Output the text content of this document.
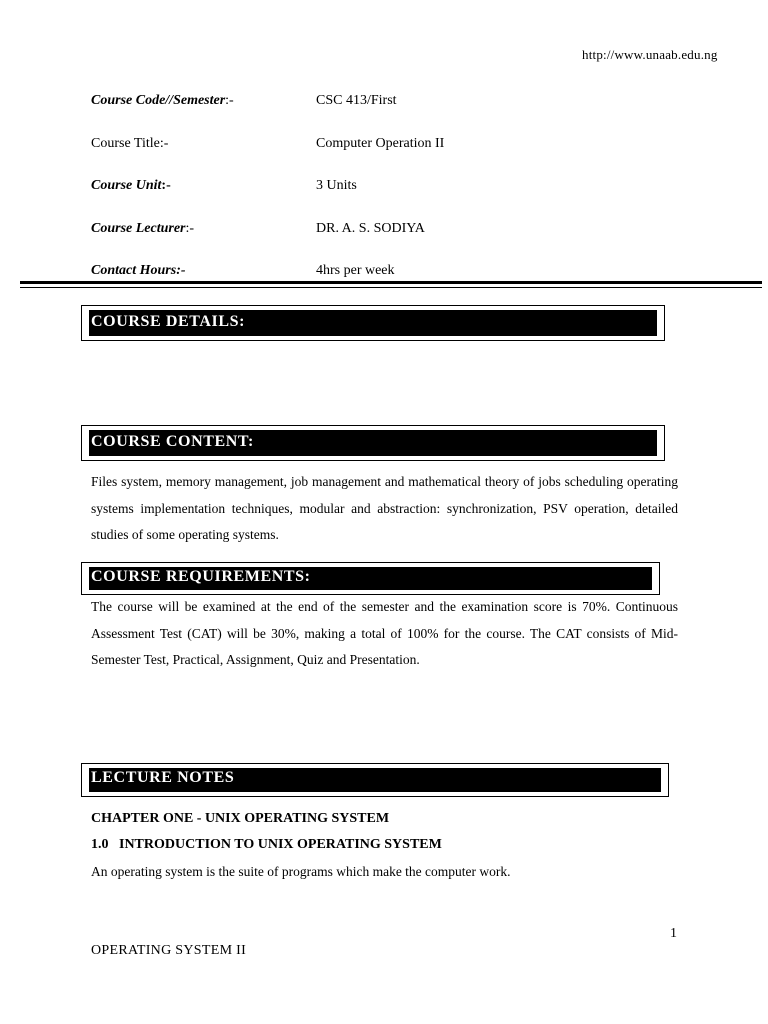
http://www.unaab.edu.ng
Course Code//Semester:-	CSC 413/First
Course Title:-	Computer Operation II
Course Unit:-	3 Units
Course Lecturer:-	DR. A. S. SODIYA
Contact Hours:-	4hrs per week
COURSE DETAILS:
COURSE CONTENT:

Files system, memory management, job management and mathematical theory of jobs scheduling operating systems implementation techniques, modular and abstraction: synchronization, PSV operation, detailed studies of some operating systems.

COURSE REQUIREMENTS:

The course will be examined at the end of the semester and the examination score is 70%. Continuous Assessment Test (CAT) will be 30%, making a total of 100% for the course. The CAT consists of Mid-Semester Test, Practical, Assignment, Quiz and Presentation.

LECTURE NOTES
CHAPTER ONE - UNIX OPERATING SYSTEM
1.0   INTRODUCTION TO UNIX OPERATING SYSTEM
An operating system is the suite of programs which make the computer work.
1
OPERATING SYSTEM II
